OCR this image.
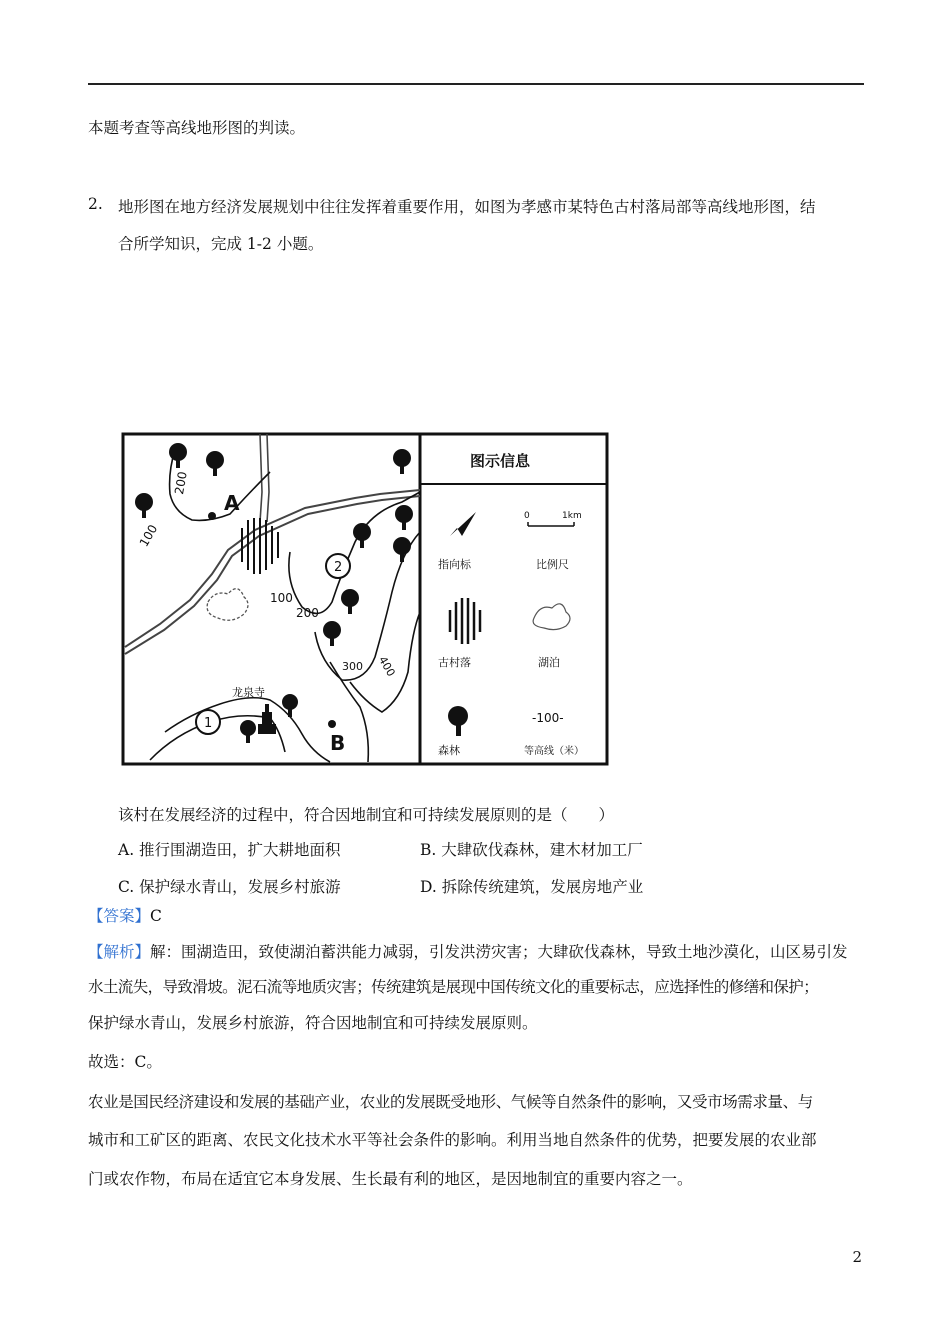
本题考查等高线地形图的判读。
2. 地形图在地方经济发展规划中往往发挥着重要作用，如图为孝感市某特色古村落局部等高线地形图，结
合所学知识，完成 1-2 小题。
A
B
龙泉寺
2
1
100
200
100
200
300 400
图示信息
指向标
0	1km
比例尺
古村落	湖泊
森林
-100-
等高线（米）
该村在发展经济的过程中，符合因地制宜和可持续发展原则的是（　　）
A. 推行围湖造田，扩大耕地面积	B. 大肆砍伐森林，建木材加工厂
C. 保护绿水青山，发展乡村旅游	D. 拆除传统建筑，发展房地产业
【答案】C
【解析】解：围湖造田，致使湖泊蓄洪能力减弱，引发洪涝灾害；大肆砍伐森林，导致土地沙漠化，山区易引发
水土流失，导致滑坡。泥石流等地质灾害；传统建筑是展现中国传统文化的重要标志，应选择性的修缮和保护；
保护绿水青山，发展乡村旅游，符合因地制宜和可持续发展原则。
故选：C。
农业是国民经济建设和发展的基础产业，农业的发展既受地形、气候等自然条件的影响，又受市场需求量、与
城市和工矿区的距离、农民文化技术水平等社会条件的影响。利用当地自然条件的优势，把要发展的农业部
门或农作物，布局在适宜它本身发展、生长最有利的地区，是因地制宜的重要内容之一。
2
